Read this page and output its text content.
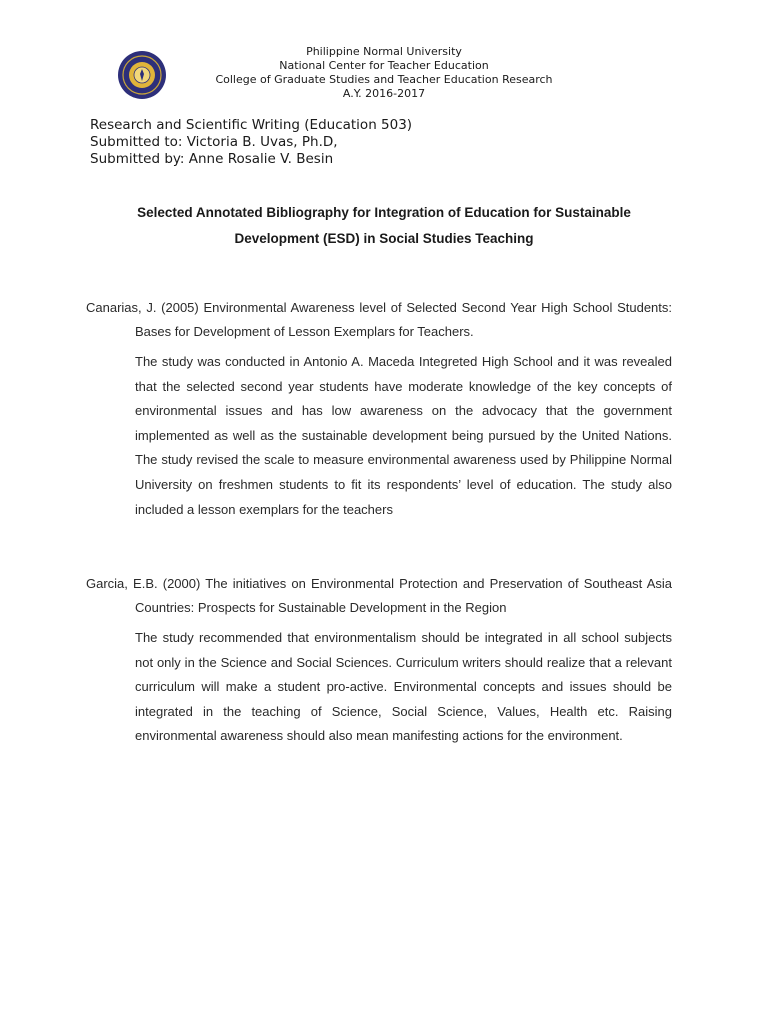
Philippine Normal University
National Center for Teacher Education
College of Graduate Studies and Teacher Education Research
A.Y. 2016-2017
Research and Scientific Writing (Education 503)
Submitted to: Victoria B. Uvas, Ph.D,
Submitted by: Anne Rosalie V. Besin
Selected Annotated Bibliography for Integration of Education for Sustainable Development (ESD) in Social Studies Teaching

Canarias, J. (2005) Environmental Awareness level of Selected Second Year High School Students: Bases for Development of Lesson Exemplars for Teachers.

The study was conducted in Antonio A. Maceda Integreted High School and it was revealed that the selected second year students have moderate knowledge of the key concepts of environmental issues and has low awareness on the advocacy that the government implemented as well as the sustainable development being pursued by the United Nations. The study revised the scale to measure environmental awareness used by Philippine Normal University on freshmen students to fit its respondents’ level of education. The study also included a lesson exemplars for the teachers

Garcia, E.B. (2000) The initiatives on Environmental Protection and Preservation of Southeast Asia Countries: Prospects for Sustainable Development in the Region

The study recommended that environmentalism should be integrated in all school subjects not only in the Science and Social Sciences. Curriculum writers should realize that a relevant curriculum will make a student pro-active. Environmental concepts and issues should be integrated in the teaching of Science, Social Science, Values, Health etc. Raising environmental awareness should also mean manifesting actions for the environment.
